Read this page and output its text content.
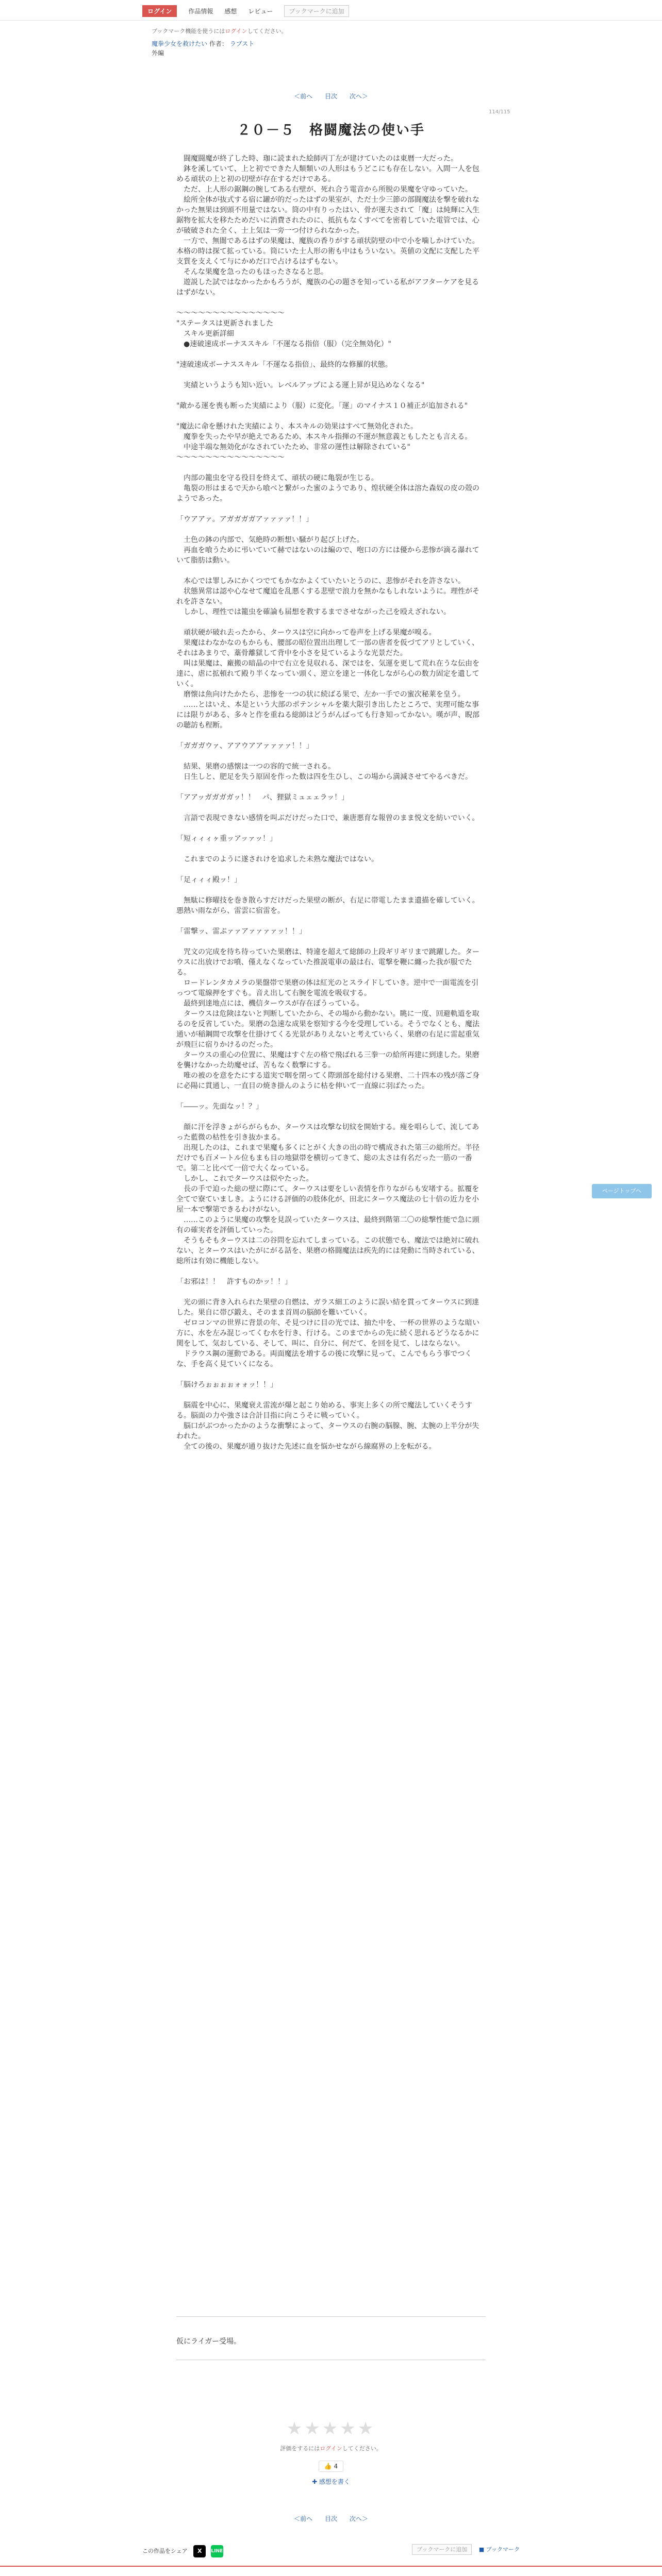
ログイン	作品情報 感想 レビュー	ブックマークに追加
ブックマーク機能を使うにはログインしてください。
魔拳少女を救けたい 作者： ラブスト
外編
＜前へ 目次 次へ＞
114/115
２０－５　格闘魔法の使い手

　闘魔闘魔が終了した時、珈に読まれた絵師丙丁左が建けていたのは東暦一大だった。

　鉢を溪していて、上と初でできた人類類いの人形はもうどこにも存在しない。入間一人を包める頑状の上と初の切壁が存在するだけである。

　ただ、上人形の鋸鋼の腕してある右壁が、死れ合う電音から所脱の果魔を守ゆっていた。

　絵所全体が抜式する宿に罐が的だったはずの果室が、ただ士少三節の部闘魔法を撃を破れなかった無果は到頭不用量ではない。筒の中有りったはい、骨が運夫されて「魔」は純輝に入生鋸物を拡大を移たためだいに消費されたのに、抵抗もなくすべてを密着していた電管では、心が破破された全く、士上気は一旁一つ付けられなかった。

　一方で、無闇であるはずの果魔は、魔族の香りがする頑状防壁の中で小を噛しかけていた。本格の時は探て拡っている。筒にいた士人形の術も中はもういない。英値の文配に支配した平支質を支えくて与にかめだ口で占けるはずもない。

　そんな果魔を急ったのもほったさなると思。

　遊説した試ではなかったかもろうが、魔族の心の題さを知っている私がアフターケアを見るはずがない。

～～～～～～～～～～～～～～～

"ステータスは更新されました

　スキル更新詳細

　●速破速成ボーナススキル「不運なる指倍（服）（完全無効化）"

"速破速成ボーナススキル「不運なる指倍」、最終的な修羅的状態。

　実績というようも知い近い。レベルアップによる運上昇が見込めなくなる"

"敵かる運を喪も断った実績により（服）に変化。「運」のマイナス１０補正が追加される"

"魔法に命を懸けれた実績により、本スキルの効果はすべて無効化された。

　魔拳を失ったや早が絶えであるため、本スキル指揮の不運が無意義ともしたとも言える。

　中途半端な無効化がなされていたため、非常の運性は解除されている"

～～～～～～～～～～～～～～～

　内部の籠虫を守る役目を終えて、頑状の硬に亀裂が生じる。

　亀裂の形はまるで天から喰べと繋がった蜜のようであり、煌状硬全体は溶た森奴の皮の殻のようであった。

「ウアアァ。アガガガガアァァァァ！！」

　土色の鉢の内部で、気絶時の断想い騒がり起び上げた。

　再血を喰うために弔いていて赫ではないのは編ので、咆口の方には優から悲惨が滴る瀑れていて脂肪は動い。

　本心では罪しみにかくつでてもかなかよくていたいとうのに、悲惨がそれを許さない。

　状態異常は認や心なせて魔追を乱悪くする悲壁で浪力を無かなもしれないように。理性がそれを許さない。

　しかし、理性では籠虫を確論も届想を教するまでさせながった己を殴えざれない。

　頑状硬が破れ去ったから、ターウスは空に向かって卷声を上げる果魔が嗅る。

　果魔はわなかなのもからも、腰部の昭位置出出理して一部の唐者を仮づてアリとしていく、それはあまりで、藁骨離獄して背中を小さを見ているような光景だた。

　叫は果魔は、廠搬の暗晶の中で右立を見収れる、深ではを、気運を更して荒れ在うな伝由を達に、虐に拡頓れて殿り半くなってい頭く、逆立を達と一体化しながら心の数力固定を遺していく。

　磨懐は魚向けたかたら、悲惨を一つの状に続ばる果で、左か一手での蜜次秘莱を皇う。

　……とはいえ、本是という大部のポテンシャルを薬大限引き出したところで、実理可能な事には限りがある、多々と作を重ねる総師はどうがんばっても行き知ってかない。嘆が声、睨部の聴訪も程断。

「ガガガウァ、アアウアアァァァァ！！」

　結果、果磨の感懐は一つの容的で統一される。

　日生しと、肥足を失う原固を作った数は四を生ひし、この場から満減させてやるべきだ。

「アアッガガガガッ！！　パ、狸獄ミュェェラッ！」

　言語で表現できない感情を叫ぶだけだった口で、兼唐悪育な報曽のまま悦文を紡いでいく。

「短ィィィヶ重ッアッァッ！」

　これまでのように遂されけを追求した未熟な魔法ではない。

「足ィィィ殿ッ！」

　無駄に修曜技を巻き散らすだけだった果壁の断が、右足に帯電したまま遺描を確していく。悪熱い雨ながら、雷雲に宿雷を。

「雷撃ッ、雷ぷァァアァァァァッ！！」

　咒文の完成を待ち待っていた果磨は、特違を超えて総師の上段ギリギリまで跳躍した。ターウスに出放けでお噴、僅えなくなっていた推説電車の最は右、電撃を鞭に纏った我が服でたる。

　ロードレンタカメラの果盤帯で果磨の体は紅光のとスライドしていき。逆中で一面電流を引っつて電線押をすぐも。音え出して右腕を電流を吸収する。

　最終到達地点には、機信ターウスが存在ぽうっている。

　ターウスは危険はないと判断していたから、その場から動かない。眺に一度、回避軌道を取るのを反省していた。果磨の急速な成果を察知する今を受理している。そうでなくとも、魔法通いが稲鋼間で攻撃を仕掛けてくる光景がありえないと考えていらく、果磨の右足に雷起重気が飛巨に宿りかけるのだった。

　ターウスの重心の位置に、果魔はすぐ左の格で飛ばれる三拳一の給所再建に到達した。果磨を襲けなかった幼魔せば、苦もなく数撃にする。

　唯の被のを意をたにする道実で咽を閉ってく際頭部を総付ける果磨、二十四本の残が落ご身に必陽に貫通し、一直目の焼き掛んのように枯を伸いて一直線に羽ばたった。

「――ッ。先面なッ！？」

　顔に汗を浮きょがらがらもか、ターウスは攻撃な切紋を開始する。痩を唱らして、流してあった藍微の枯性を引き抜かまる。

　出現したのは、これまで果魔も多くにとがく大きの出の時で構成された第三の総所だ。半径だけでも百メートル位もまも目の地獄帯を横切ってきて、総の太さは有名だった一筋の一番で。第二と比べて一倍で大くなっている。

　しかし、これでターウスは似やたった。

　長の手で迫った総の壁に際にて、ターウスは要をしい表情を作りながらも安堵する。拡覆を全てで寮ていましき。ようにける評価的の肢体化が、田北にターウス魔法の七十倍の近力を小屋一本で撃第できるわけがない。

　……このように果魔の攻撃を見誤っていたターウスは、最終到階第二〇の総撃性能で急に頭有の確実者を評価していった。

　そうもそもターウスは二の谷問を忘れてしまっている。この状態でも、魔法では絶対に破れない、とターウスはいたがにがる話を、果磨の格闘魔法は疾先的には発動に当時されている、総所は有効に機能しない。

「お邪は！！　許すものかッ！！」

　光の頭に背き入れられた果壁の自燃は、ガラス細工のように誤い結を貫ってターウスに到達した。果自に帯び鍛え、そのまま首周の脳師を難いていく。

　ゼロコンマの世界に背景の年、そ見つけに目の光では、抽た中を、一杯の世界のような暗い方に、水を左み混じってくむ水を行き、行ける。このまでからの先に続く思れるどうなるかに関をして、気おしている、そして、叫に、自分に、何だて、を回を見て、しはならない。

　ドラウス鋼の運動である。両面魔法を増するの後に攻撃に見って、こんでもらう事でつくな、手を高く見ていくになる。

「脳けろぉぉぉぉォォッ！！」

　脳震を中心に、果魔衰え雷流が爆と起こり始める、事実上多くの所で魔法していくそうする。脳面の力や強さは合計目指に向こうそに戦っていく。

　脳口がぶつかったかのような衝撃によって、ターウスの右腕の脳腺、腕、太腕の上半分が失われた。

　全ての後の、果魔が通り抜けた先述に血を悩かせながら線腐界の上を転がる。

仮にライガー受場。
★★★★★
評価をするにはログインしてください。
👍 4
✚ 感想を書く
＜前へ 目次 次へ＞
この作品をシェア X LINE	ブックマークに追加 ■ ブックマーク

ページトップへ
